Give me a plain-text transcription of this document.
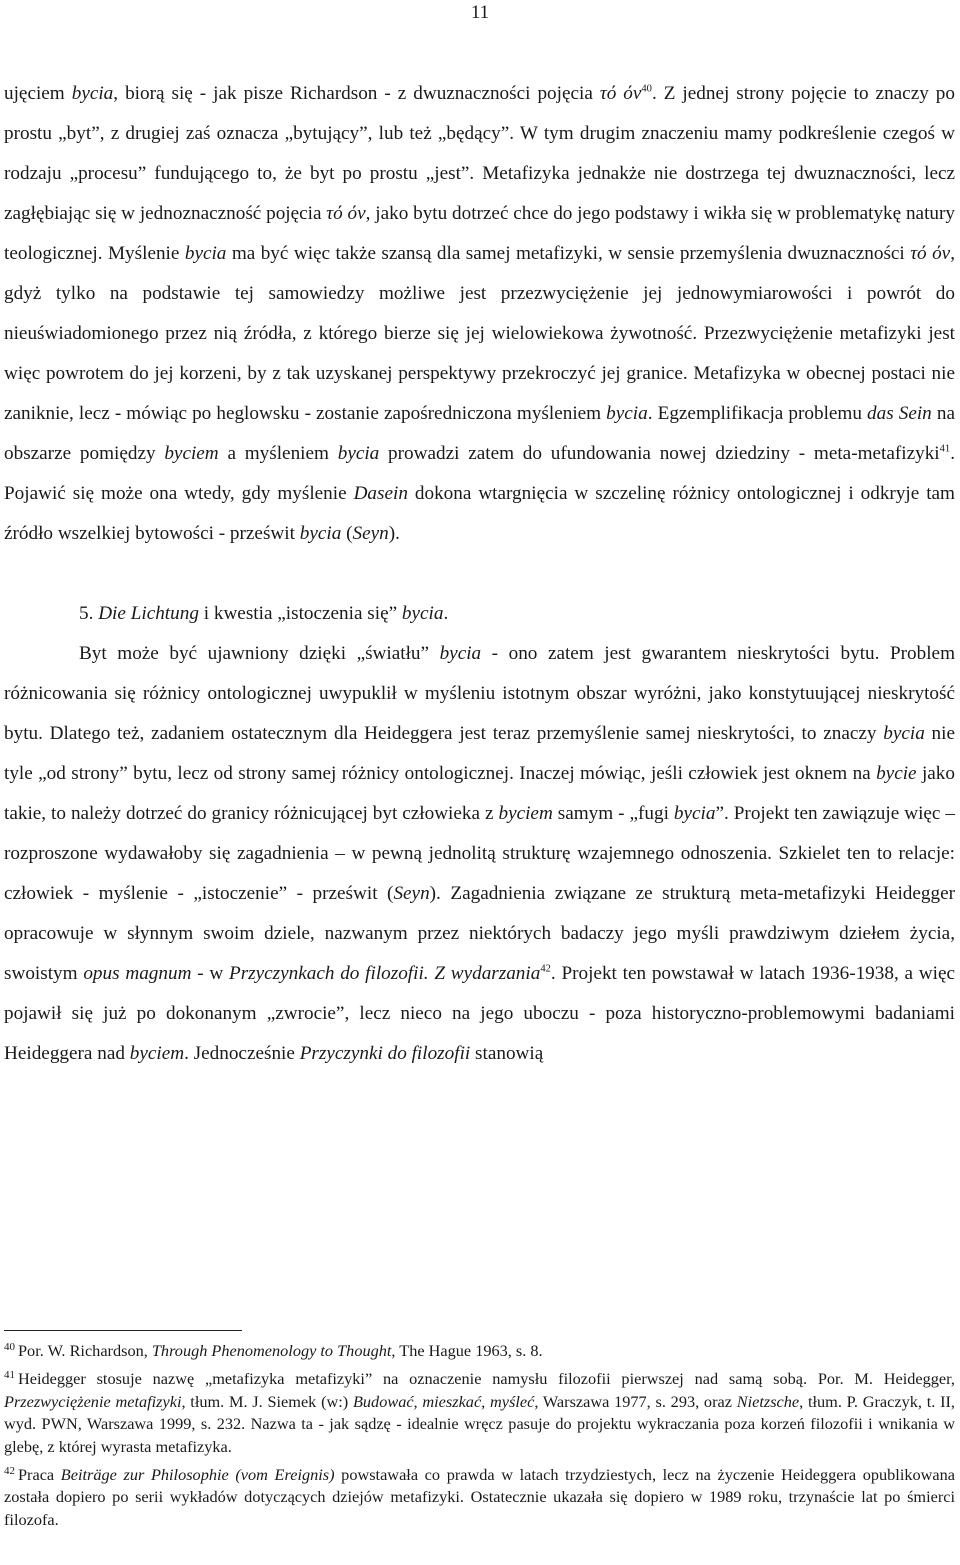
11

ujęciem bycia, biorą się - jak pisze Richardson - z dwuznaczności pojęcia τό $ό\nu^{40}$. Z jednej strony pojęcie to znaczy po prostu „byt”, z drugiej zaś oznacza „bytujący”, lub też „będący”. W tym drugim znaczeniu mamy podkreślenie czegoś w rodzaju „procesu” fundującego to, że byt po prostu „jest”. Metafizyka jednakże nie dostrzega tej dwuznaczności, lecz zagłębiając się w jednoznaczność pojęcia τό όν, jako bytu dotrzeć chce do jego podstawy i wikła się w problematykę natury teologicznej. Myślenie bycia ma być więc także szansą dla samej metafizyki, w sensie przemyślenia dwuznaczności τό όν, gdyż tylko na podstawie tej samowiedzy możliwe jest przezwyciężenie jej jednowymiarowości i powrót do nieuświadomionego przez nią źródła, z którego bierze się jej wielowiekowa żywotność. Przezwyciężenie metafizyki jest więc powrotem do jej korzeni, by z tak uzyskanej perspektywy przekroczyć jej granice. Metafizyka w obecnej postaci nie zaniknie, lecz - mówiąc po heglowsku - zostanie zapośredniczona myśleniem bycia. Egzemplifikacja problemu das Sein na obszarze pomiędzy byciem a myśleniem bycia prowadzi zatem do ufundowania nowej dziedziny - meta-metafizyki$^{41}$. Pojawić się może ona wtedy, gdy myślenie Dasein dokona wtargnięcia w szczelinę różnicy ontologicznej i odkryje tam źródło wszelkiej bytowości - prześwit bycia (Seyn).

5. Die Lichtung i kwestia „istoczenia się” bycia.

Byt może być ujawniony dzięki „światłu” bycia - ono zatem jest gwarantem nieskrytości bytu. Problem różnicowania się różnicy ontologicznej uwypuklił w myśleniu istotnym obszar wyróżni, jako konstytuującej nieskrytość bytu. Dlatego też, zadaniem ostatecznym dla Heideggera jest teraz przemyślenie samej nieskrytości, to znaczy bycia nie tyle „od strony” bytu, lecz od strony samej różnicy ontologicznej. Inaczej mówiąc, jeśli człowiek jest oknem na bycie jako takie, to należy dotrzeć do granicy różnicującej byt człowieka z byciem samym - „fugi bycia”. Projekt ten zawiązuje więc – rozproszone wydawałoby się zagadnienia – w pewną jednolitą strukturę wzajemnego odnoszenia. Szkielet ten to relacje: człowiek - myślenie - „istoczenie” - prześwit (Seyn). Zagadnienia związane ze strukturą meta-metafizyki Heidegger opracowuje w słynnym swoim dziele, nazwanym przez niektórych badaczy jego myśli prawdziwym dziełem życia, swoistym opus magnum - w Przyczynkach do filozofii. Z wydarzania$^{42}$. Projekt ten powstawał w latach 1936-1938, a więc pojawił się już po dokonanym „zwrocie”, lecz nieco na jego uboczu - poza historyczno-problemowymi badaniami Heideggera nad byciem. Jednocześnie Przyczynki do filozofii stanowią

$^{40}$ Por. W. Richardson, Through Phenomenology to Thought, The Hague 1963, s. 8.

$^{41}$ Heidegger stosuje nazwę „metafizyka metafizyki” na oznaczenie namysłu filozofii pierwszej nad samą sobą. Por. M. Heidegger, Przezwyciężenie metafizyki, tłum. M. J. Siemek (w:) Budować, mieszkać, myśleć, Warszawa 1977, s. 293, oraz Nietzsche, tłum. P. Graczyk, t. II, wyd. PWN, Warszawa 1999, s. 232. Nazwa ta - jak sądzę - idealnie wręcz pasuje do projektu wykraczania poza korzeń filozofii i wnikania w glebę, z której wyrasta metafizyka.

$^{42}$ Praca Beiträge zur Philosophie (vom Ereignis) powstawała co prawda w latach trzydziestych, lecz na życzenie Heideggera opublikowana została dopiero po serii wykładów dotyczących dziejów metafizyki. Ostatecznie ukazała się dopiero w 1989 roku, trzynaście lat po śmierci filozofa.
